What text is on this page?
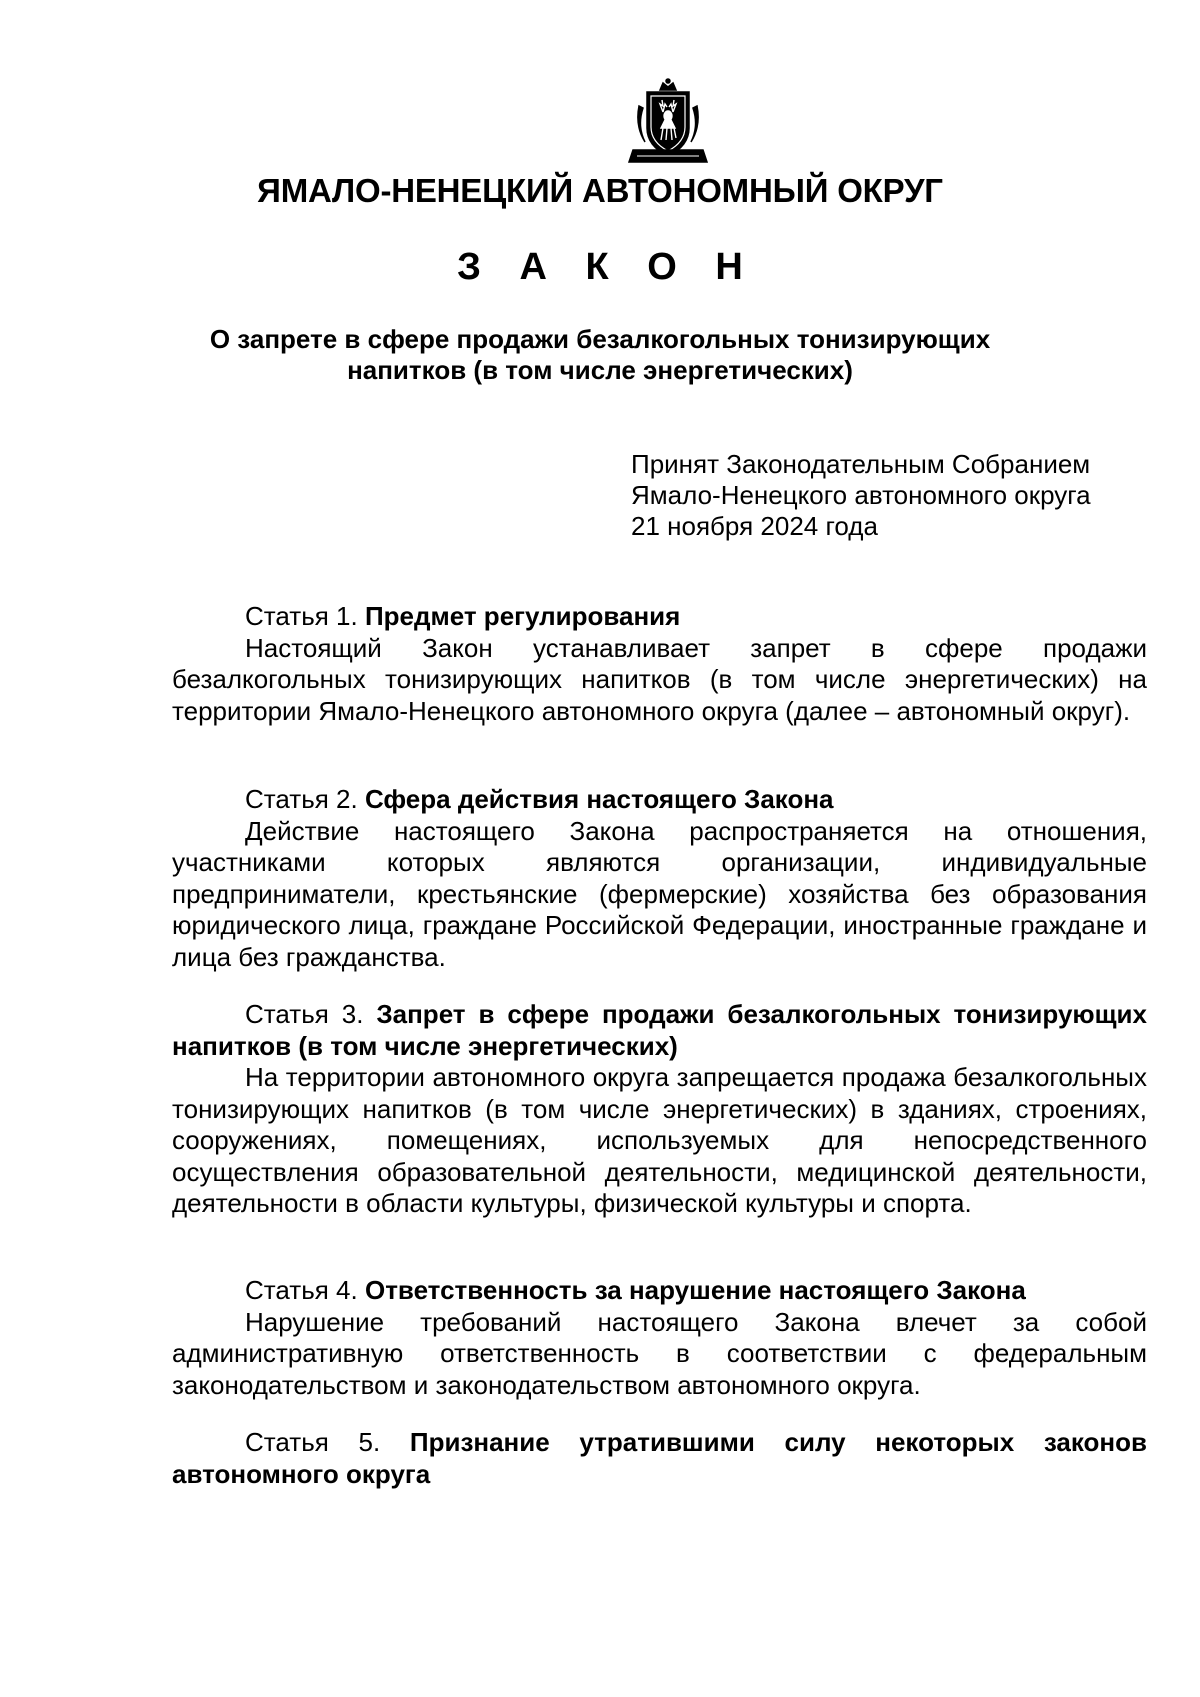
ЯМАЛО-НЕНЕЦКИЙ АВТОНОМНЫЙ ОКРУГ
З А К О Н
О запрете в сфере продажи безалкогольных тонизирующих
напитков (в том числе энергетических)
Принят Законодательным Собранием
Ямало-Ненецкого автономного округа
21 ноября 2024 года

Статья 1. Предмет регулирования

Настоящий Закон устанавливает запрет в сфере продажи безалкогольных тонизирующих напитков (в том числе энергетических) на территории Ямало-Ненецкого автономного округа (далее – автономный округ).

Статья 2. Сфера действия настоящего Закона

Действие настоящего Закона распространяется на отношения, участниками которых являются организации, индивидуальные предприниматели, крестьянские (фермерские) хозяйства без образования юридического лица, граждане Российской Федерации, иностранные граждане и лица без гражданства.

Статья 3. Запрет в сфере продажи безалкогольных тонизирующих напитков (в том числе энергетических)

На территории автономного округа запрещается продажа безалкогольных тонизирующих напитков (в том числе энергетических) в зданиях, строениях, сооружениях, помещениях, используемых для непосредственного осуществления образовательной деятельности, медицинской деятельности, деятельности в области культуры, физической культуры и спорта.

Статья 4. Ответственность за нарушение настоящего Закона

Нарушение требований настоящего Закона влечет за собой административную ответственность в соответствии с федеральным законодательством и законодательством автономного округа.

Статья 5. Признание утратившими силу некоторых законов автономного округа
